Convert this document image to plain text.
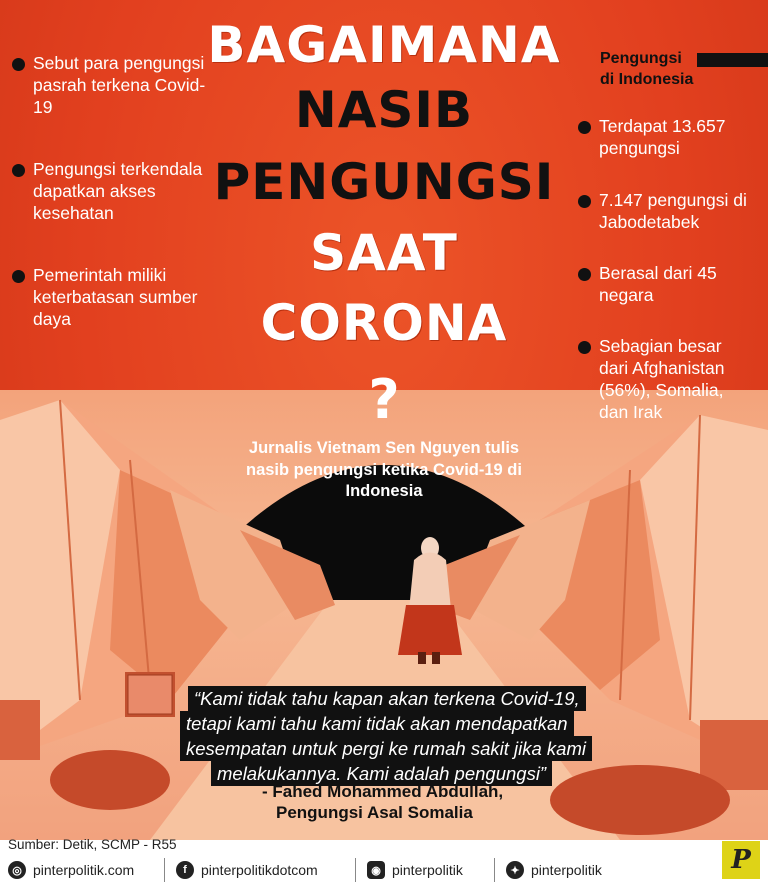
BAGAIMANA
NASIB
PENGUNGSI
SAAT
CORONA
?
Sebut para pengungsi pasrah terkena Covid-19
Pengungsi terkendala dapatkan akses kesehatan
Pemerintah miliki keterbatasan sumber daya
Pengungsi di Indonesia
Terdapat 13.657 pengungsi
7.147 pengungsi di Jabodetabek
Berasal dari 45 negara
Sebagian besar dari Afghanistan (56%), Somalia, dan Irak
Jurnalis Vietnam Sen Nguyen tulis nasib pengungsi ketika Covid-19 di Indonesia
“Kami tidak tahu kapan akan terkena Covid-19,
tetapi kami tahu kami tidak akan mendapatkan
kesempatan untuk pergi ke rumah sakit jika kami
melakukannya. Kami adalah pengungsi”
- Fahed Mohammed Abdullah,
Pengungsi Asal Somalia
Sumber: Detik, SCMP - R55
◎ pinterpolitik.com	f	pinterpolitikdotcom	◉ pinterpolitik	✦ pinterpolitik	P
